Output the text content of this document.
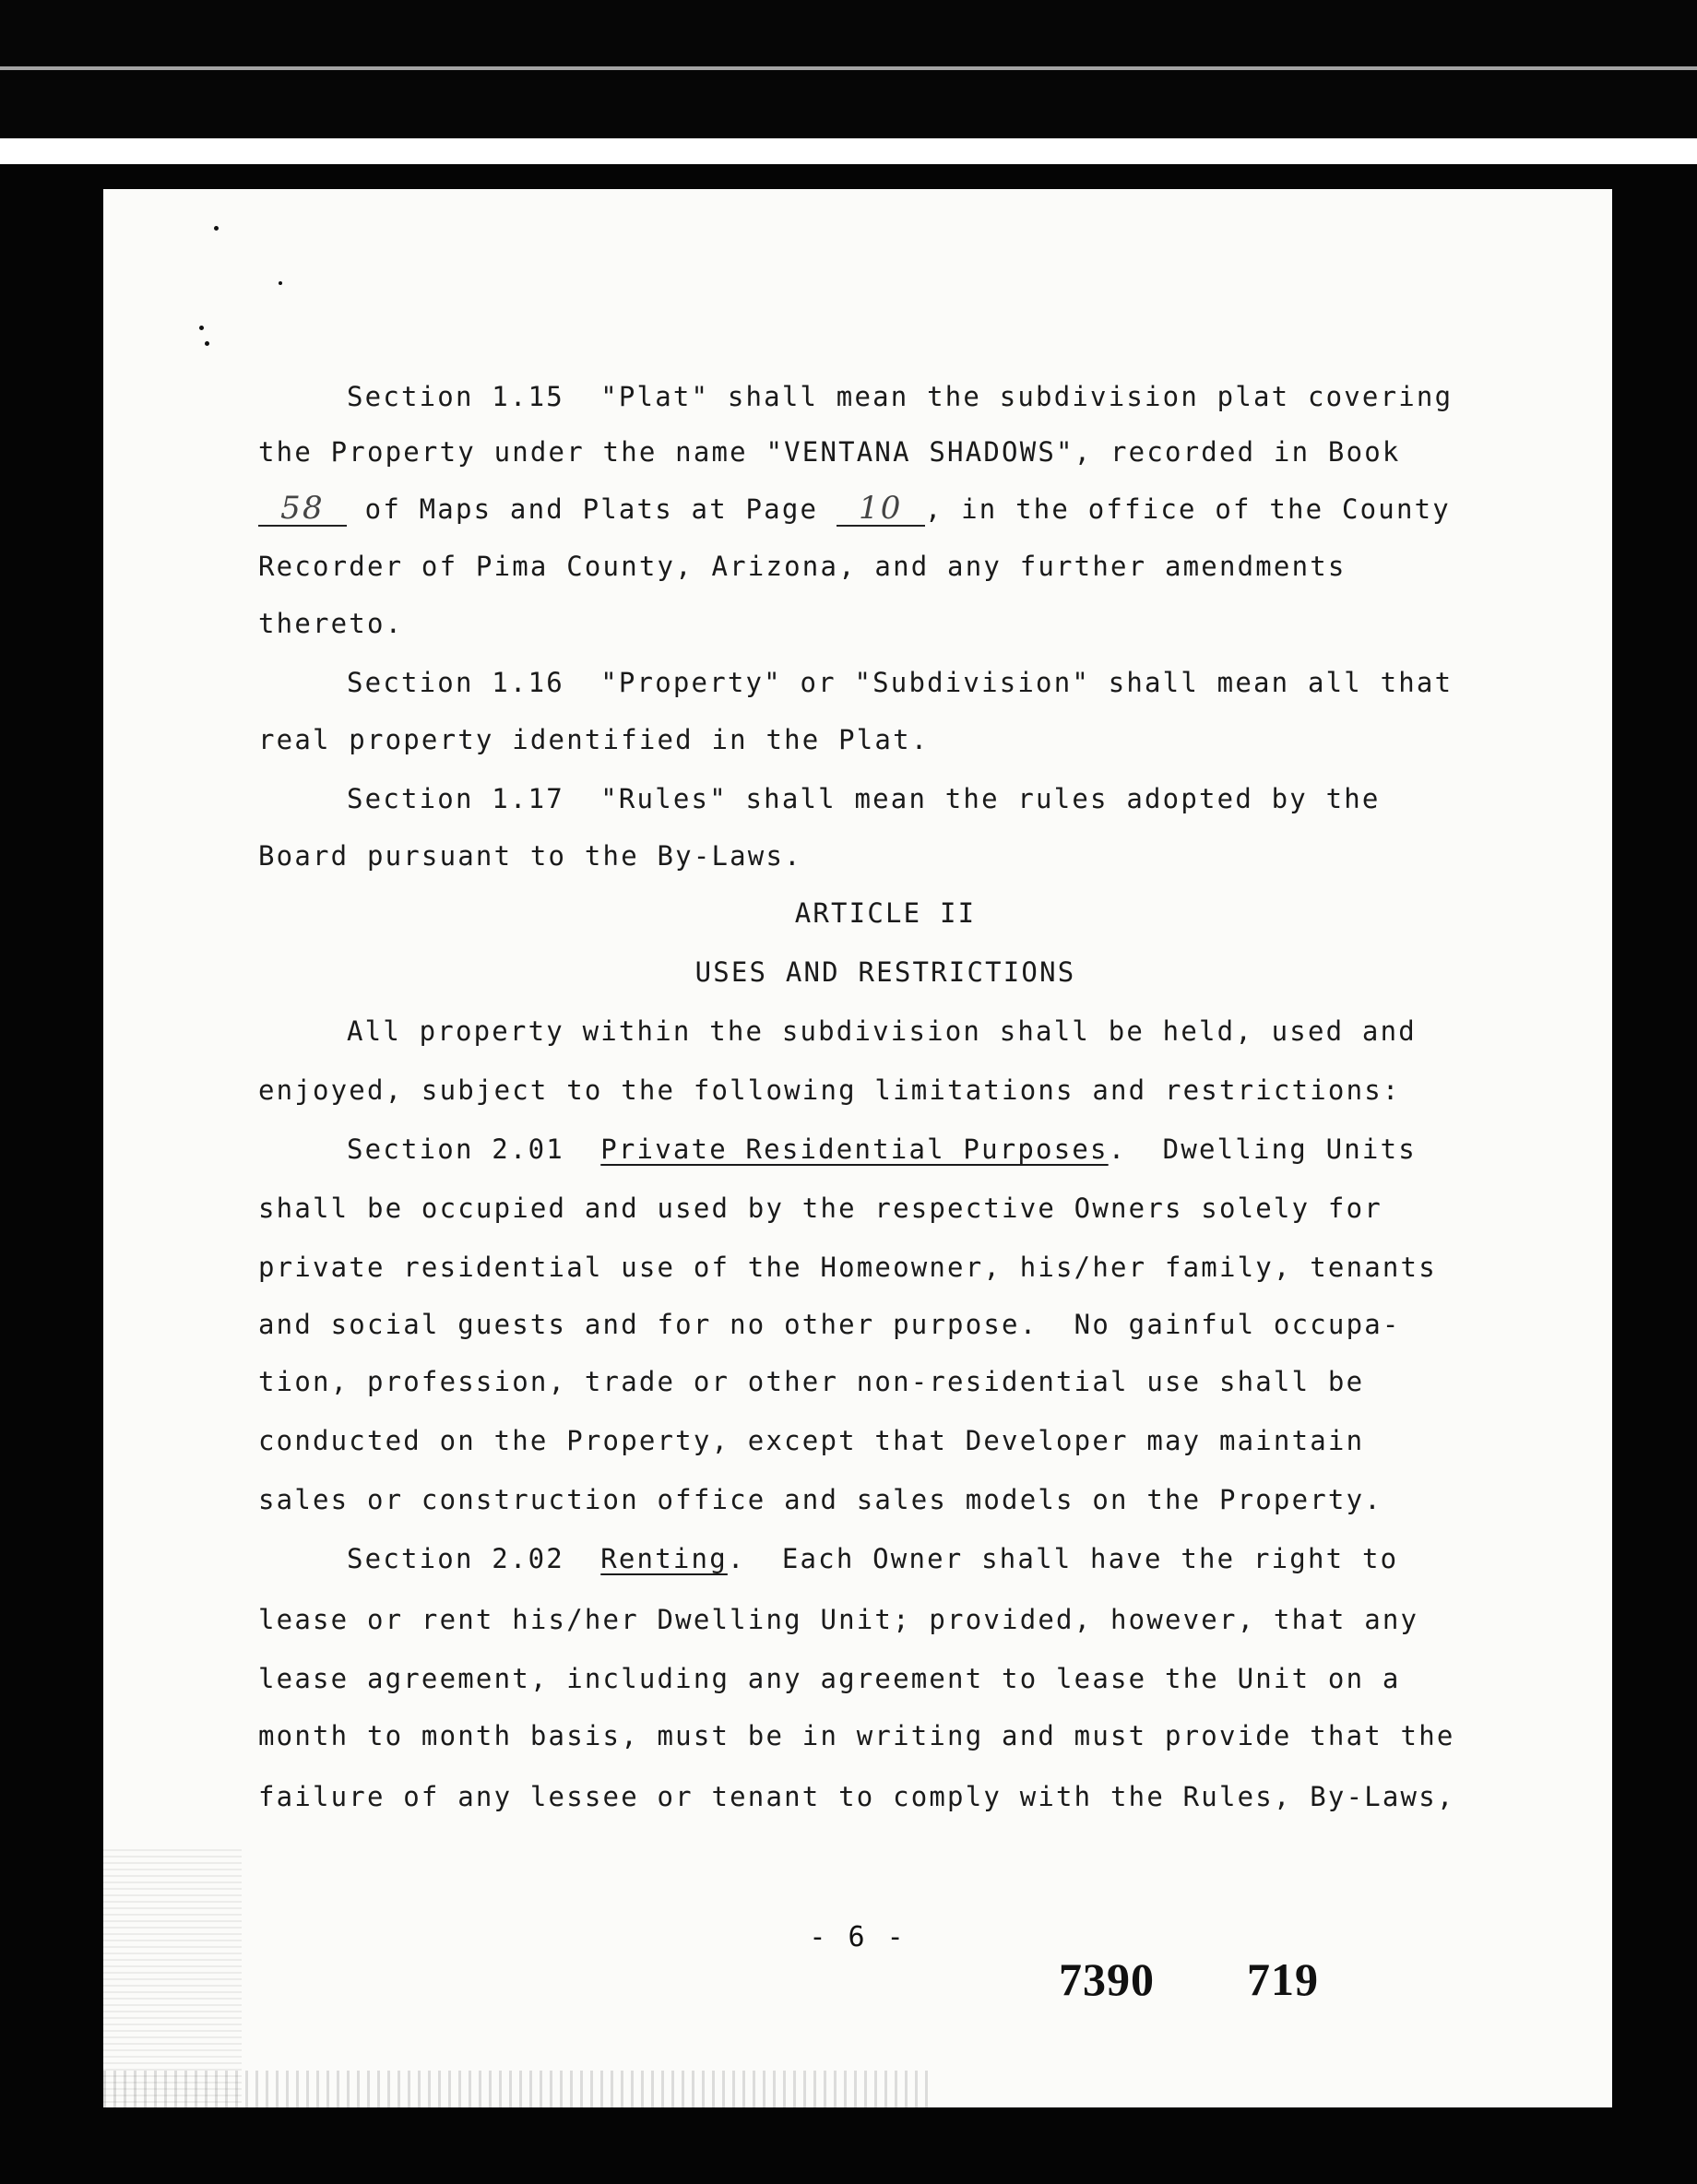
Section 1.15  "Plat" shall mean the subdivision plat covering
the Property under the name "VENTANA SHADOWS", recorded in Book
58 of Maps and Plats at Page 10 , in the office of the County
Recorder of Pima County, Arizona, and any further amendments
thereto.
Section 1.16  "Property" or "Subdivision" shall mean all that
real property identified in the Plat.
Section 1.17  "Rules" shall mean the rules adopted by the
Board pursuant to the By-Laws.
ARTICLE II
USES AND RESTRICTIONS
All property within the subdivision shall be held, used and
enjoyed, subject to the following limitations and restrictions:
Section 2.01  Private Residential Purposes.  Dwelling Units
shall be occupied and used by the respective Owners solely for
private residential use of the Homeowner, his/her family, tenants
and social guests and for no other purpose.  No gainful occupa-
tion, profession, trade or other non-residential use shall be
conducted on the Property, except that Developer may maintain
sales or construction office and sales models on the Property.
Section 2.02  Renting.  Each Owner shall have the right to
lease or rent his/her Dwelling Unit; provided, however, that any
lease agreement, including any agreement to lease the Unit on a
month to month basis, must be in writing and must provide that the
failure of any lessee or tenant to comply with the Rules, By-Laws,
- 6 -
7390 719
